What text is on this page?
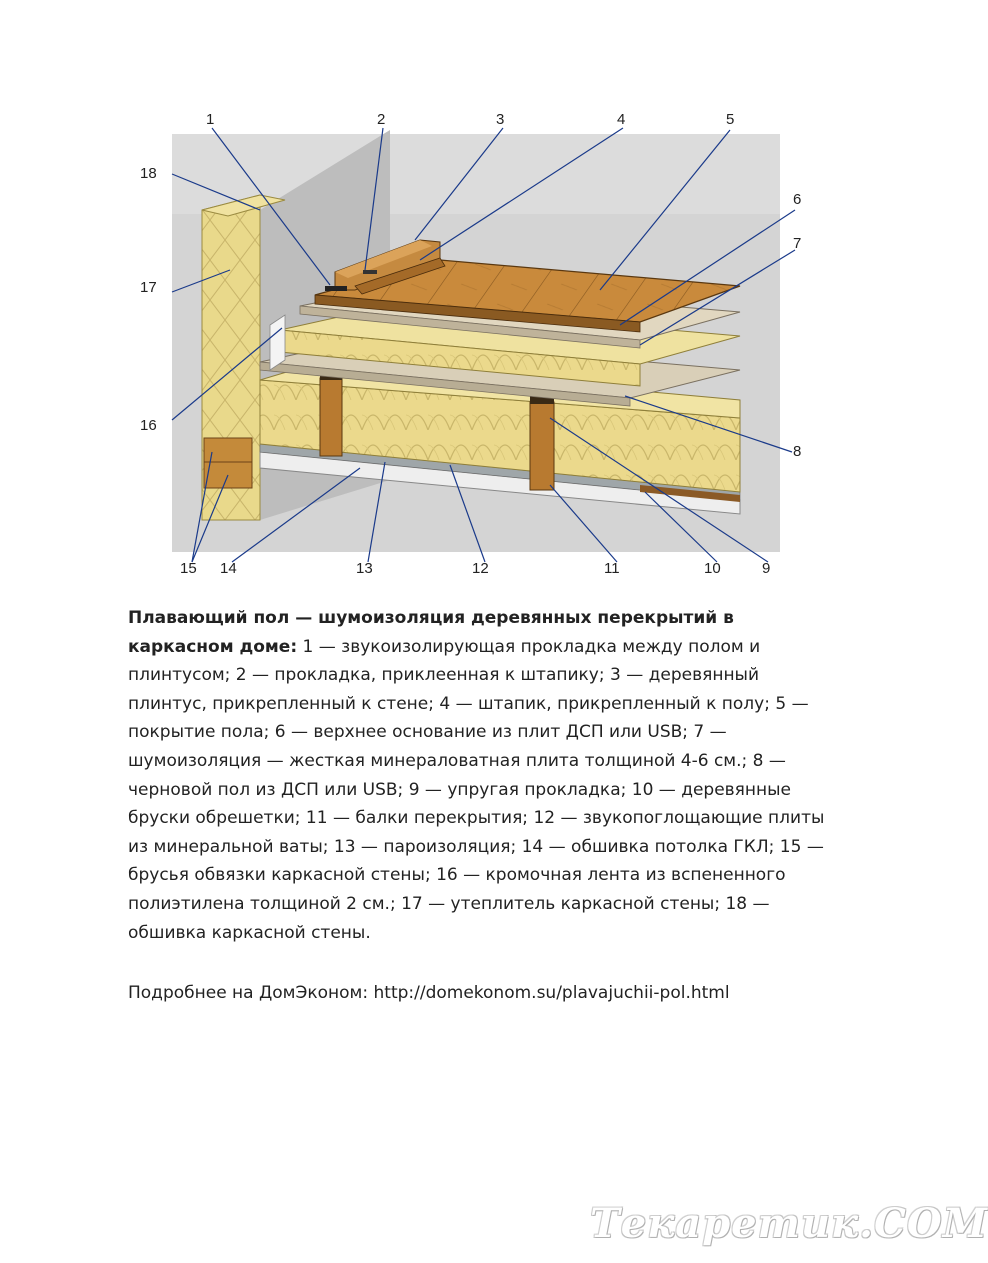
1	2	3	4	5
6
7
8
9
10
11
12
13
14
15
16
17
18
Плавающий пол — шумоизоляция деревянных перекрытий в каркасном доме: 1 — звукоизолирующая прокладка между полом и плинтусом; 2 — прокладка, приклеенная к штапику; 3 — деревянный плинтус, прикрепленный к стене; 4 — штапик, прикрепленный к полу; 5 — покрытие пола; 6 — верхнее основание из плит ДСП или USB; 7 — шумоизоляция — жесткая минераловатная плита толщиной 4-6 см.; 8 — черновой пол из ДСП или USB; 9 — упругая прокладка; 10 — деревянные бруски обрешетки; 11 — балки перекрытия; 12 — звукопоглощающие плиты из минеральной ваты; 13 — пароизоляция; 14 — обшивка потолка ГКЛ; 15 — брусья обвязки каркасной стены; 16 — кромочная лента из вспененного полиэтилена толщиной 2 см.; 17 — утеплитель каркасной стены; 18 — обшивка каркасной стены.
Подробнее на ДомЭконом: http://domekonom.su/plavajuchii-pol.html
Текаретик.СОМ
